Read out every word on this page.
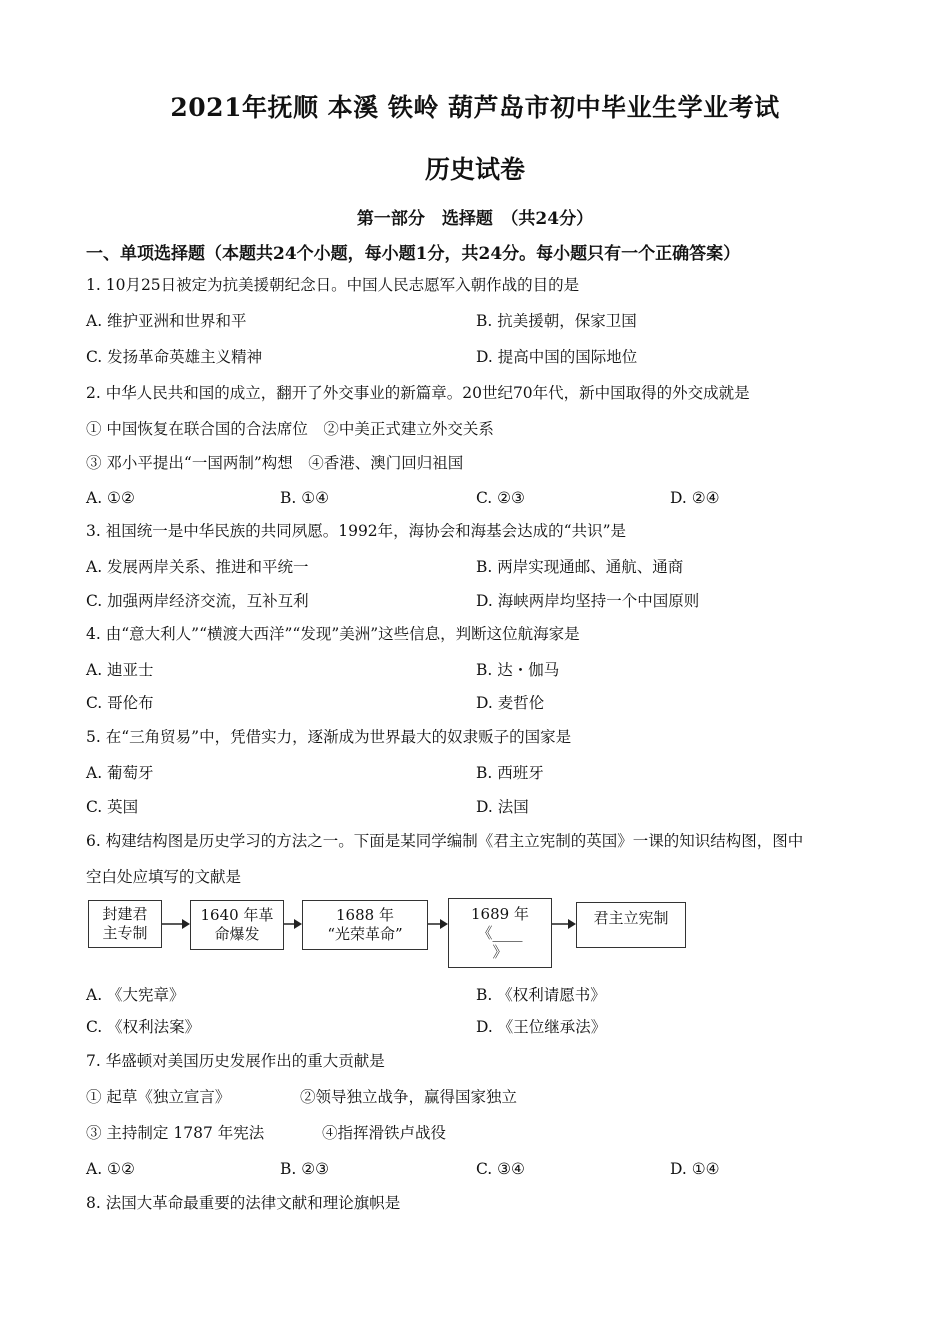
2021年抚顺 本溪 铁岭 葫芦岛市初中毕业生学业考试
历史试卷
第一部分　选择题　（共24分）
一、单项选择题（本题共24个小题，每小题1分，共24分。每小题只有一个正确答案）
1. 10月25日被定为抗美援朝纪念日。中国人民志愿军入朝作战的目的是
A. 维护亚洲和世界和平	B. 抗美援朝，保家卫国
C. 发扬革命英雄主义精神	D. 提高中国的国际地位
2. 中华人民共和国的成立，翻开了外交事业的新篇章。20世纪70年代，新中国取得的外交成就是
① 中国恢复在联合国的合法席位　②中美正式建立外交关系
③ 邓小平提出“一国两制”构想　④香港、澳门回归祖国
A. ①②	B. ①④	C. ②③	D. ②④
3. 祖国统一是中华民族的共同夙愿。1992年，海协会和海基会达成的“共识”是
A. 发展两岸关系、推进和平统一	B. 两岸实现通邮、通航、通商
C. 加强两岸经济交流，互补互利	D. 海峡两岸均坚持一个中国原则
4. 由“意大利人”“横渡大西洋”“发现”美洲”这些信息，判断这位航海家是
A. 迪亚士	B. 达・伽马
C. 哥伦布	D. 麦哲伦
5. 在“三角贸易”中，凭借实力，逐渐成为世界最大的奴隶贩子的国家是
A. 葡萄牙	B. 西班牙
C. 英国	D. 法国
6. 构建结构图是历史学习的方法之一。下面是某同学编制《君主立宪制的英国》一课的知识结构图，图中
空白处应填写的文献是
封建君
主专制
1640 年革
命爆发
1688 年
“光荣革命”
1689 年
《____
》
君主立宪制
A. 《大宪章》	B. 《权利请愿书》
C. 《权利法案》	D. 《王位继承法》
7. 华盛顿对美国历史发展作出的重大贡献是
① 起草《独立宣言》	②领导独立战争，赢得国家独立
③ 主持制定 1787 年宪法	④指挥滑铁卢战役
A. ①②	B. ②③	C. ③④	D. ①④
8. 法国大革命最重要的法律文献和理论旗帜是
